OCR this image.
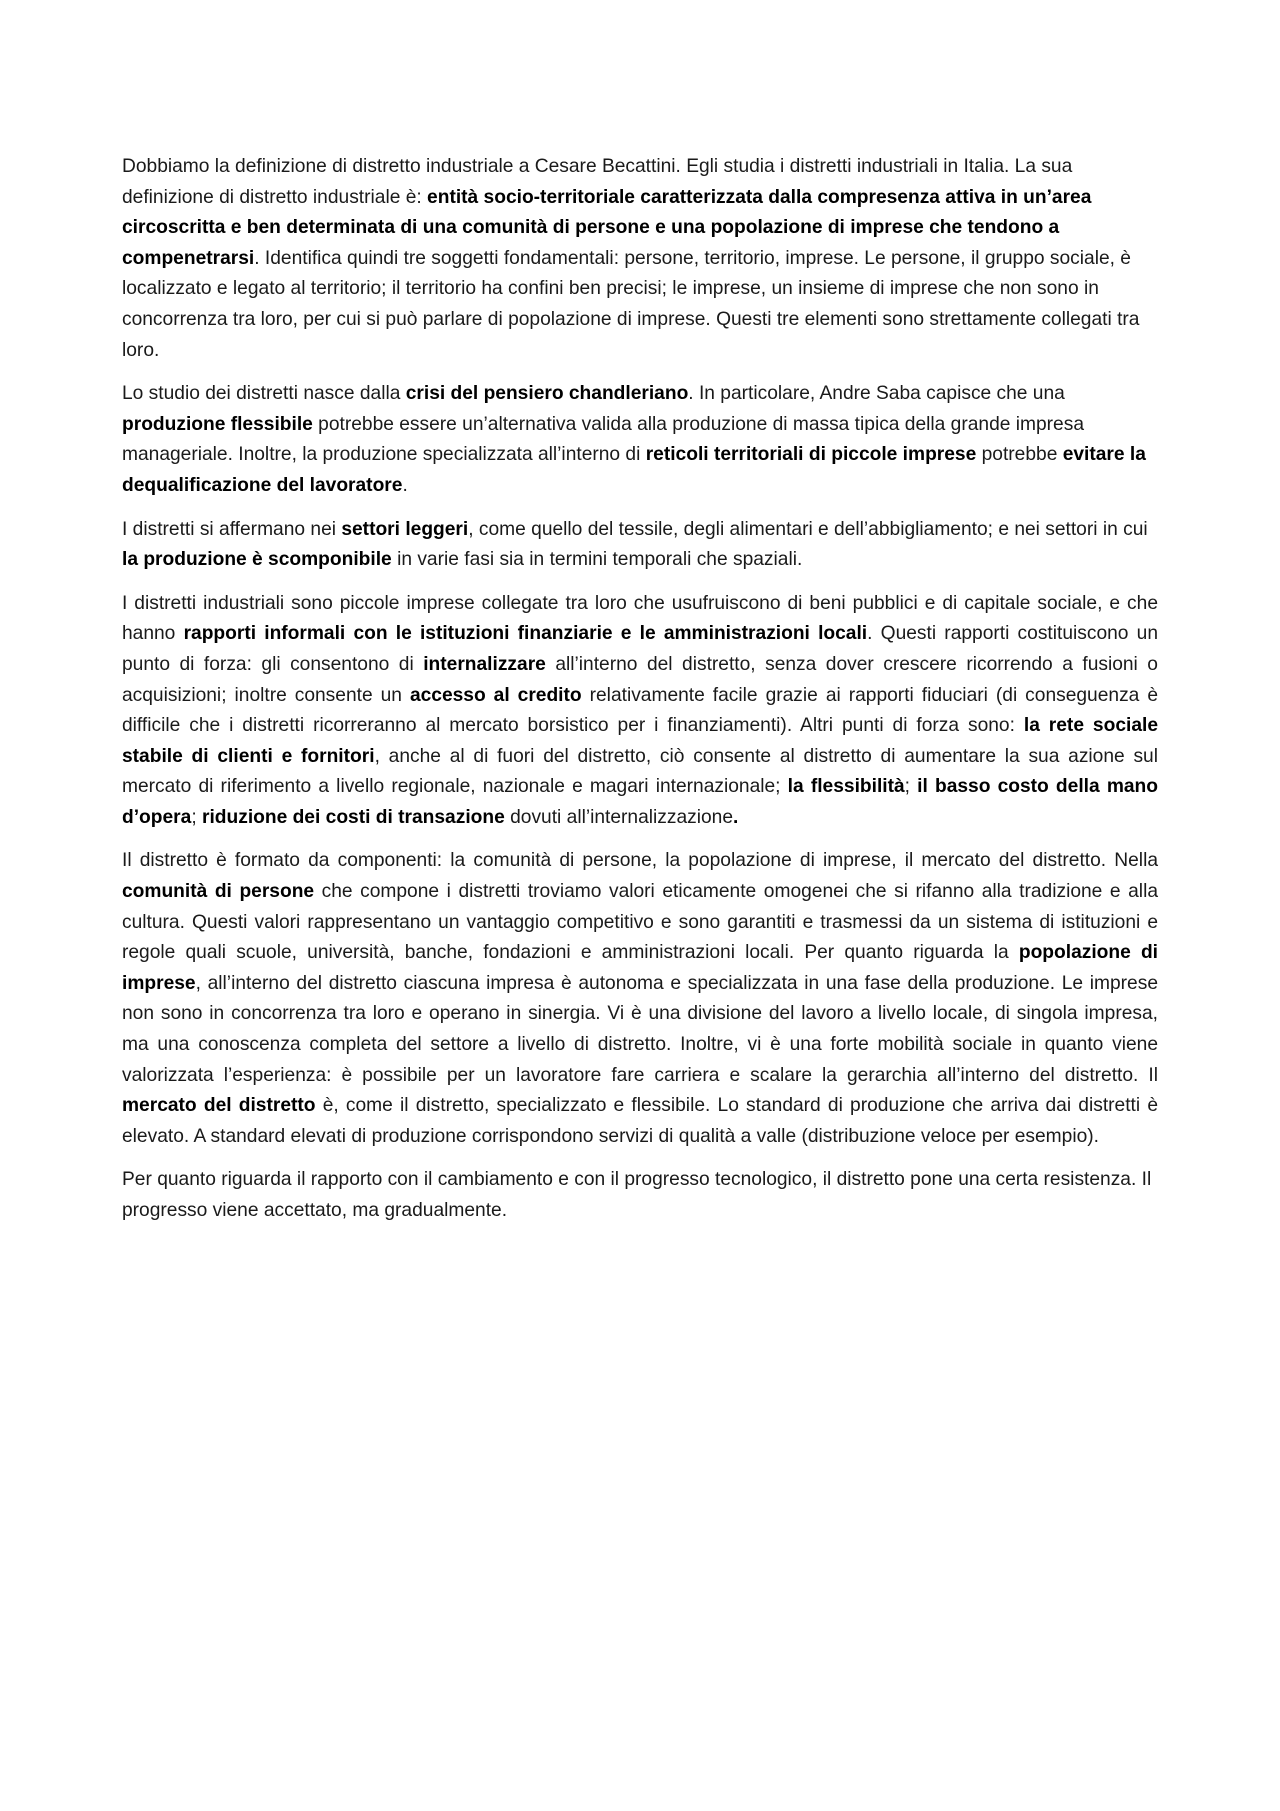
Dobbiamo la definizione di distretto industriale a Cesare Becattini. Egli studia i distretti industriali in Italia. La sua definizione di distretto industriale è: entità socio-territoriale caratterizzata dalla compresenza attiva in un’area circoscritta e ben determinata di una comunità di persone e una popolazione di imprese che tendono a compenetrarsi. Identifica quindi tre soggetti fondamentali: persone, territorio, imprese. Le persone, il gruppo sociale, è localizzato e legato al territorio; il territorio ha confini ben precisi; le imprese, un insieme di imprese che non sono in concorrenza tra loro, per cui si può parlare di popolazione di imprese. Questi tre elementi sono strettamente collegati tra loro.

Lo studio dei distretti nasce dalla crisi del pensiero chandleriano. In particolare, Andre Saba capisce che una produzione flessibile potrebbe essere un’alternativa valida alla produzione di massa tipica della grande impresa manageriale. Inoltre, la produzione specializzata all’interno di reticoli territoriali di piccole imprese potrebbe evitare la dequalificazione del lavoratore.

I distretti si affermano nei settori leggeri, come quello del tessile, degli alimentari e dell’abbigliamento; e nei settori in cui la produzione è scomponibile in varie fasi sia in termini temporali che spaziali.

I distretti industriali sono piccole imprese collegate tra loro che usufruiscono di beni pubblici e di capitale sociale, e che hanno rapporti informali con le istituzioni finanziarie e le amministrazioni locali. Questi rapporti costituiscono un punto di forza: gli consentono di internalizzare all’interno del distretto, senza dover crescere ricorrendo a fusioni o acquisizioni; inoltre consente un accesso al credito relativamente facile grazie ai rapporti fiduciari (di conseguenza è difficile che i distretti ricorreranno al mercato borsistico per i finanziamenti). Altri punti di forza sono: la rete sociale stabile di clienti e fornitori, anche al di fuori del distretto, ciò consente al distretto di aumentare la sua azione sul mercato di riferimento a livello regionale, nazionale e magari internazionale; la flessibilità; il basso costo della mano d’opera; riduzione dei costi di transazione dovuti all’internalizzazione.

Il distretto è formato da componenti: la comunità di persone, la popolazione di imprese, il mercato del distretto. Nella comunità di persone che compone i distretti troviamo valori eticamente omogenei che si rifanno alla tradizione e alla cultura. Questi valori rappresentano un vantaggio competitivo e sono garantiti e trasmessi da un sistema di istituzioni e regole quali scuole, università, banche, fondazioni e amministrazioni locali. Per quanto riguarda la popolazione di imprese, all’interno del distretto ciascuna impresa è autonoma e specializzata in una fase della produzione. Le imprese non sono in concorrenza tra loro e operano in sinergia. Vi è una divisione del lavoro a livello locale, di singola impresa, ma una conoscenza completa del settore a livello di distretto. Inoltre, vi è una forte mobilità sociale in quanto viene valorizzata l’esperienza: è possibile per un lavoratore fare carriera e scalare la gerarchia all’interno del distretto. Il mercato del distretto è, come il distretto, specializzato e flessibile. Lo standard di produzione che arriva dai distretti è elevato. A standard elevati di produzione corrispondono servizi di qualità a valle (distribuzione veloce per esempio).

Per quanto riguarda il rapporto con il cambiamento e con il progresso tecnologico, il distretto pone una certa resistenza. Il progresso viene accettato, ma gradualmente.
